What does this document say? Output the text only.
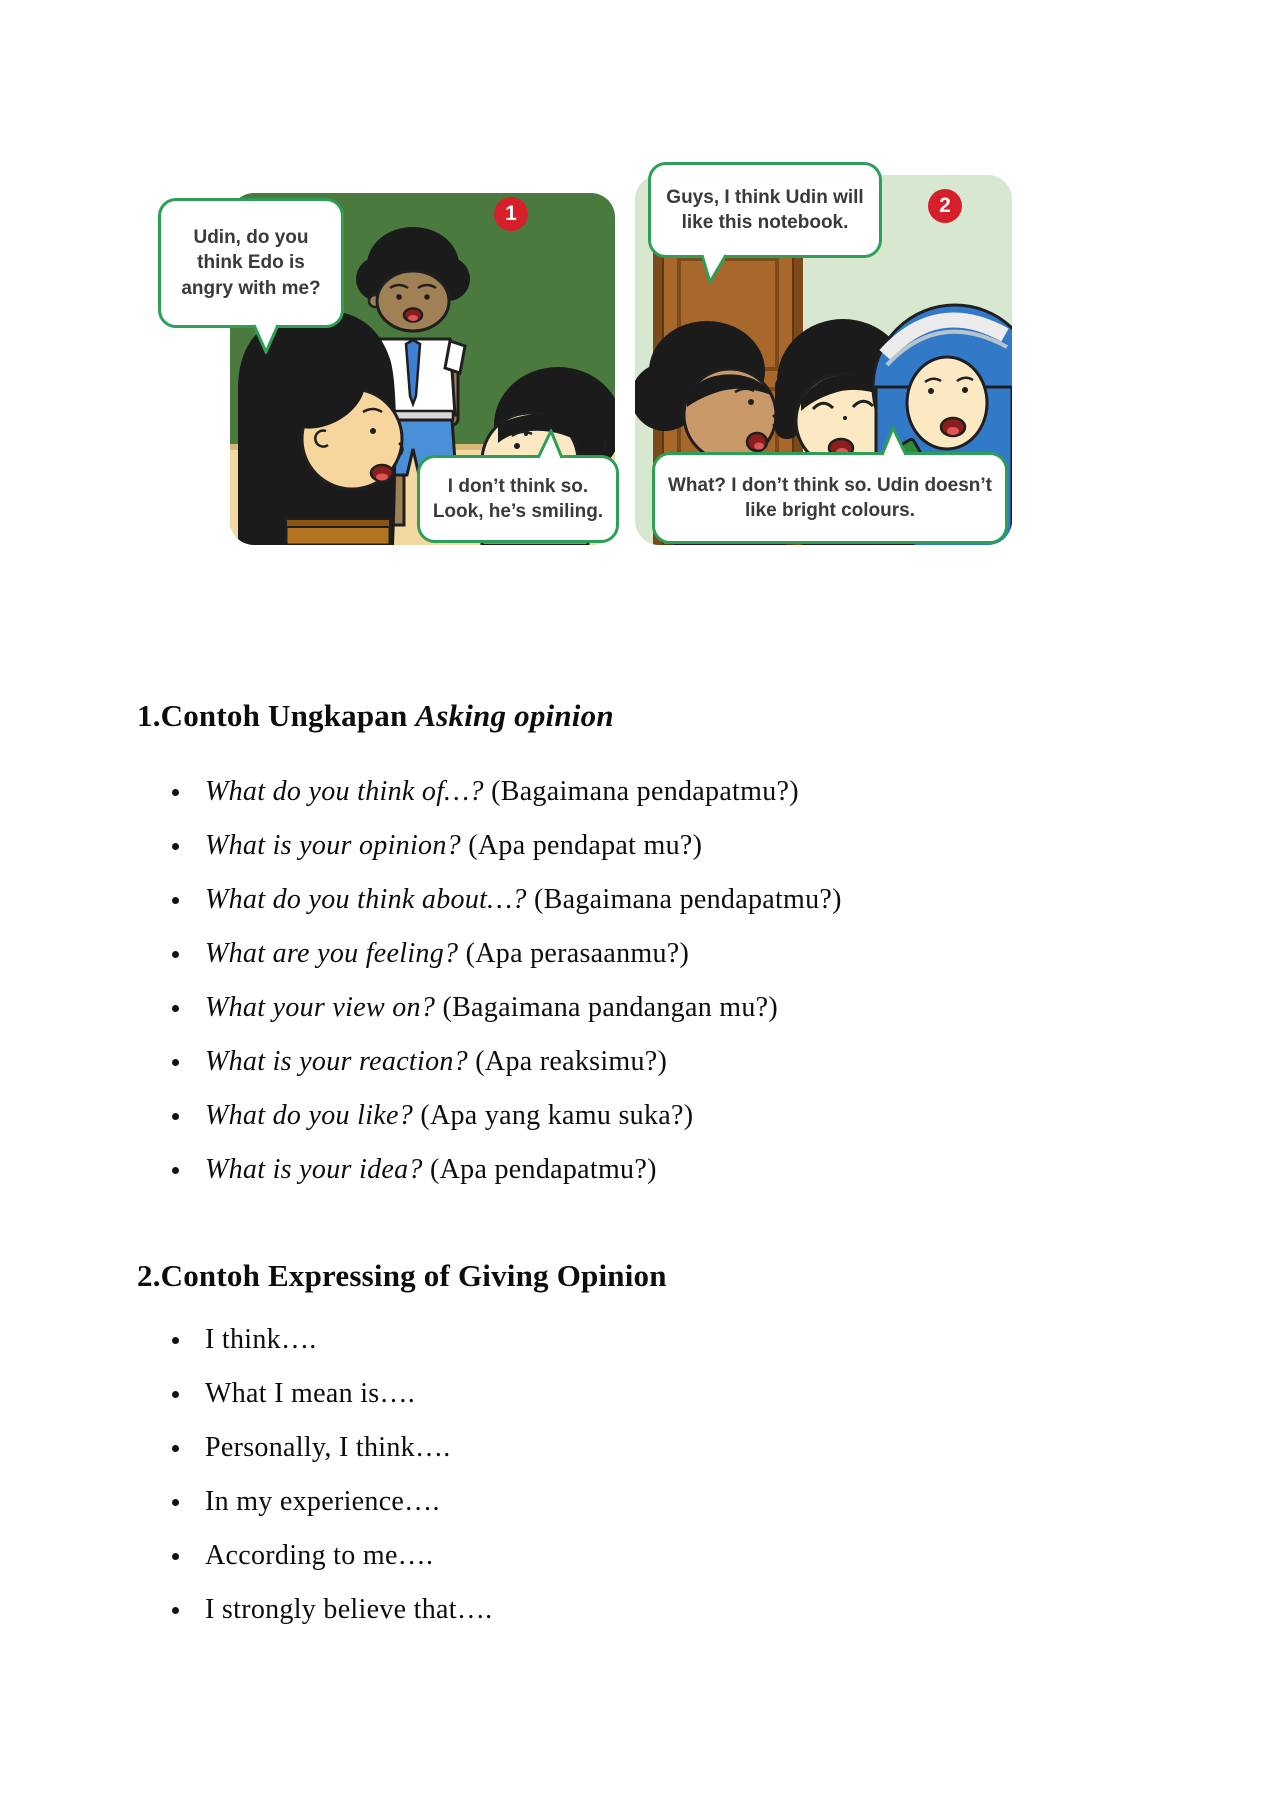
Udin, do you think Edo is angry with me?
Guys, I think Udin will like this notebook.
I don’t think so. Look, he’s smiling.
What? I don’t think so. Udin doesn’t like bright colours.
1	2
1.Contoh Ungkapan Asking opinion
What do you think of…?
(Bagaimana pendapatmu?)
What is your opinion?
(Apa pendapat mu?)
What do you think about…?
(Bagaimana pendapatmu?)
What are you feeling?
(Apa perasaanmu?)
What your view on?
(Bagaimana pandangan mu?)
What is your reaction?
(Apa reaksimu?)
What do you like?
(Apa yang kamu suka?)
What is your idea?
(Apa pendapatmu?)
2.Contoh Expressing of Giving Opinion
I think….
What I mean is….
Personally, I think….
In my experience….
According to me….
I strongly believe that….
